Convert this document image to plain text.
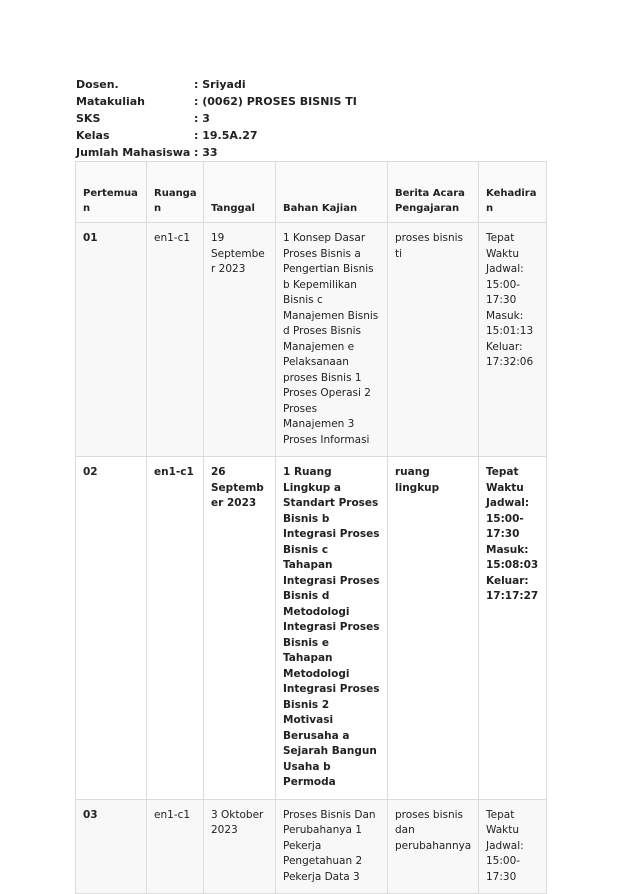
Dosen.	: Sriyadi
Matakuliah	: (0062) PROSES BISNIS TI
SKS	: 3
Kelas	: 19.5A.27
Jumlah Mahasiswa : 33
Pertemuan	Ruangan	Tanggal	Bahan Kajian	Berita Acara Pengajaran	Kehadiran
01	en1-c1	19 September 2023	1 Konsep Dasar Proses Bisnis a Pengertian Bisnis b Kepemilikan Bisnis c Manajemen Bisnis d Proses Bisnis Manajemen e Pelaksanaan proses Bisnis 1 Proses Operasi 2 Proses Manajemen 3 Proses Informasi	proses bisnis ti	Tepat Waktu Jadwal: 15:00-17:30 Masuk: 15:01:13 Keluar: 17:32:06
02	en1-c1	26 September 2023	1 Ruang Lingkup a Standart Proses Bisnis b Integrasi Proses Bisnis c Tahapan Integrasi Proses Bisnis d Metodologi Integrasi Proses Bisnis e Tahapan Metodologi Integrasi Proses Bisnis 2 Motivasi Berusaha a Sejarah Bangun Usaha b Permoda	ruang lingkup	Tepat Waktu Jadwal: 15:00-17:30 Masuk: 15:08:03 Keluar: 17:17:27
03	en1-c1	3 Oktober 2023	Proses Bisnis Dan Perubahanya 1 Pekerja Pengetahuan 2 Pekerja Data 3	proses bisnis dan perubahannya	Tepat Waktu Jadwal: 15:00-17:30
